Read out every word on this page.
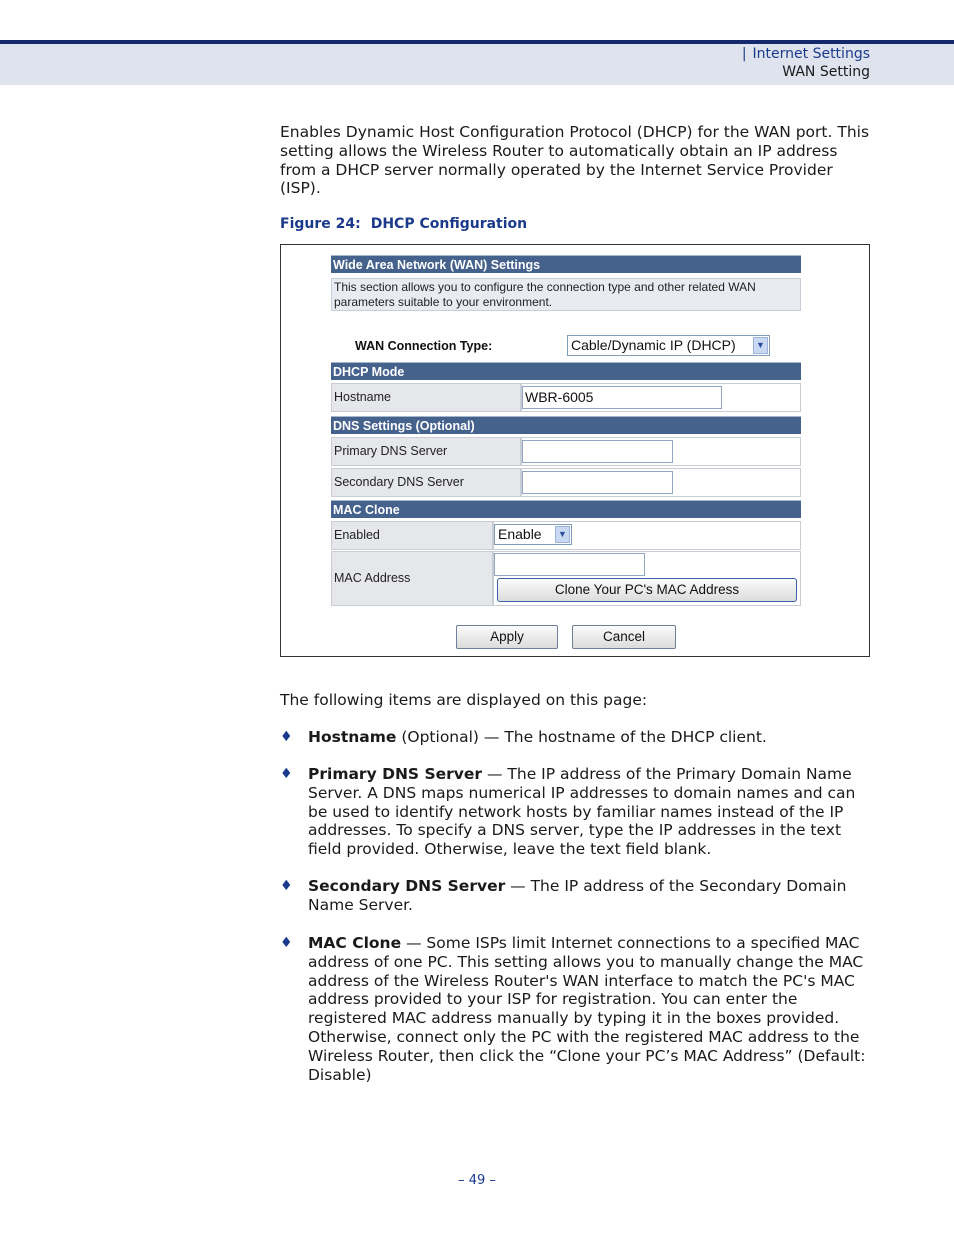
| Internet Settings
WAN Setting
Enables Dynamic Host Configuration Protocol (DHCP) for the WAN port. This setting allows the Wireless Router to automatically obtain an IP address from a DHCP server normally operated by the Internet Service Provider (ISP).
Figure 24: DHCP Configuration
Wide Area Network (WAN) Settings
This section allows you to configure the connection type and other related WAN parameters suitable to your environment.
WAN Connection Type:	Cable/Dynamic IP (DHCP)	▼
DHCP Mode
Hostname	WBR-6005
DNS Settings (Optional)
Primary DNS Server
Secondary DNS Server
MAC Clone
Enabled	Enable	▼
MAC Address
Clone Your PC's MAC Address
Apply	Cancel
The following items are displayed on this page:
♦ Hostname (Optional) — The hostname of the DHCP client.
♦ Primary DNS Server — The IP address of the Primary Domain Name Server. A DNS maps numerical IP addresses to domain names and can be used to identify network hosts by familiar names instead of the IP addresses. To specify a DNS server, type the IP addresses in the text field provided. Otherwise, leave the text field blank.
♦ Secondary DNS Server — The IP address of the Secondary Domain Name Server.
♦ MAC Clone — Some ISPs limit Internet connections to a specified MAC address of one PC. This setting allows you to manually change the MAC address of the Wireless Router's WAN interface to match the PC's MAC address provided to your ISP for registration. You can enter the registered MAC address manually by typing it in the boxes provided. Otherwise, connect only the PC with the registered MAC address to the Wireless Router, then click the “Clone your PC’s MAC Address” (Default: Disable)
– 49 –
